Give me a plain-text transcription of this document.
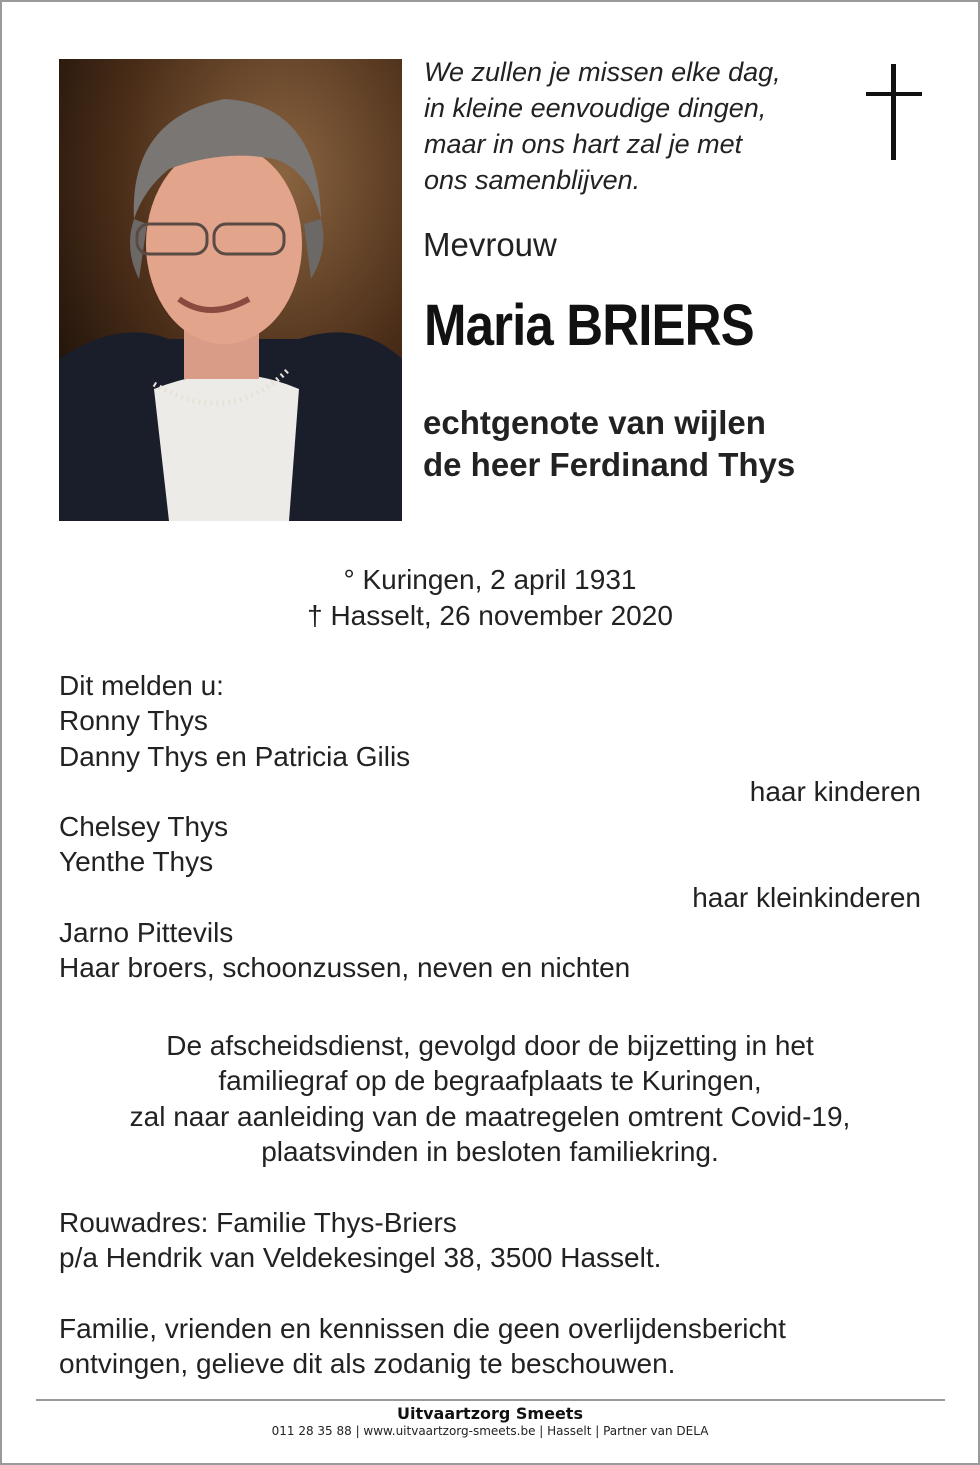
We zullen je missen elke dag,
in kleine eenvoudige dingen,
maar in ons hart zal je met
ons samenblijven.
Mevrouw
Maria BRIERS
echtgenote van wijlen
de heer Ferdinand Thys
° Kuringen, 2 april 1931
† Hasselt, 26 november 2020
Dit melden u:
Ronny Thys
Danny Thys en Patricia Gilis
haar kinderen
Chelsey Thys
Yenthe Thys
haar kleinkinderen
Jarno Pittevils
Haar broers, schoonzussen, neven en nichten
De afscheidsdienst, gevolgd door de bijzetting in het
familiegraf op de begraafplaats te Kuringen,
zal naar aanleiding van de maatregelen omtrent Covid-19,
plaatsvinden in besloten familiekring.
Rouwadres: Familie Thys-Briers
p/a Hendrik van Veldekesingel 38, 3500 Hasselt.
Familie, vrienden en kennissen die geen overlijdensbericht
ontvingen, gelieve dit als zodanig te beschouwen.
Uitvaartzorg Smeets
011 28 35 88 | www.uitvaartzorg-smeets.be | Hasselt | Partner van DELA
